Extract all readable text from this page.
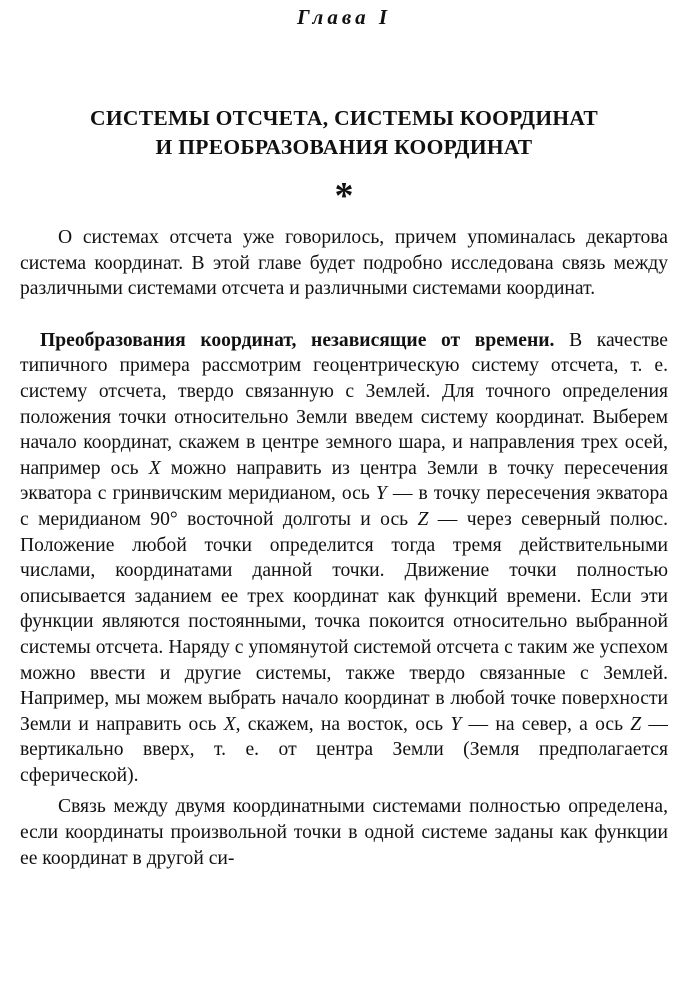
Глава I
СИСТЕМЫ ОТСЧЕТА, СИСТЕМЫ КООРДИНАТ
И ПРЕОБРАЗОВАНИЯ КООРДИНАТ
*

О системах отсчета уже говорилось, причем упоминалась декартова система координат. В этой главе будет подробно исследована связь между различными системами отсчета и различными системами координат.

Преобразования координат, независящие от времени. В качестве типичного примера рассмотрим геоцентрическую систему отсчета, т. е. систему отсчета, твердо связанную с Землей. Для точного определения положения точки относительно Земли введем систему координат. Выберем начало координат, скажем в центре земного шара, и направления трех осей, например ось X можно направить из центра Земли в точку пересечения экватора с гринвичским меридианом, ось Y — в точку пересечения экватора с меридианом 90° восточной долготы и ось Z — через северный полюс. Положение любой точки определится тогда тремя действительными числами, координатами данной точки. Движение точки полностью описывается заданием ее трех координат как функций времени. Если эти функции являются постоянными, точка покоится относительно выбранной системы отсчета. Наряду с упомянутой системой отсчета с таким же успехом можно ввести и другие системы, также твердо связанные с Землей. Например, мы можем выбрать начало координат в любой точке поверхности Земли и направить ось X, скажем, на восток, ось Y — на север, а ось Z — вертикально вверх, т. е. от центра Земли (Земля предполагается сферической).

Связь между двумя координатными системами полностью определена, если координаты произвольной точки в одной системе заданы как функции ее координат в другой си-
